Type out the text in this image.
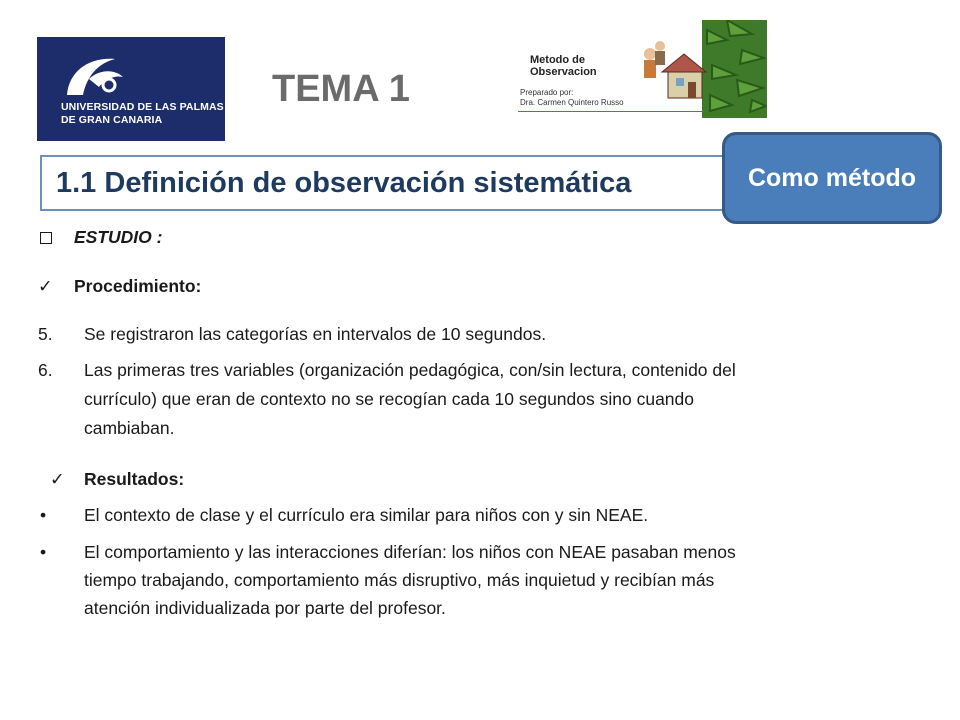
UNIVERSIDAD DE LAS PALMAS
DE GRAN CANARIA
TEMA 1
Metodo de
Observacion
Preparado por:
Dra. Carmen Quintero Russo
1.1 Definición de observación sistemática	Como método
ESTUDIO :
✓ Procedimiento:
5. Se registraron las categorías en intervalos de 10 segundos.
6. Las primeras tres variables (organización pedagógica, con/sin lectura, contenido del
currículo) que eran de contexto no se recogían cada 10 segundos sino cuando
cambiaban.
✓ Resultados:
• El contexto de clase y el currículo era similar para niños con y sin NEAE.
• El comportamiento y las interacciones diferían: los niños con NEAE pasaban menos
tiempo trabajando, comportamiento más disruptivo, más inquietud y recibían más
atención individualizada por parte del profesor.
